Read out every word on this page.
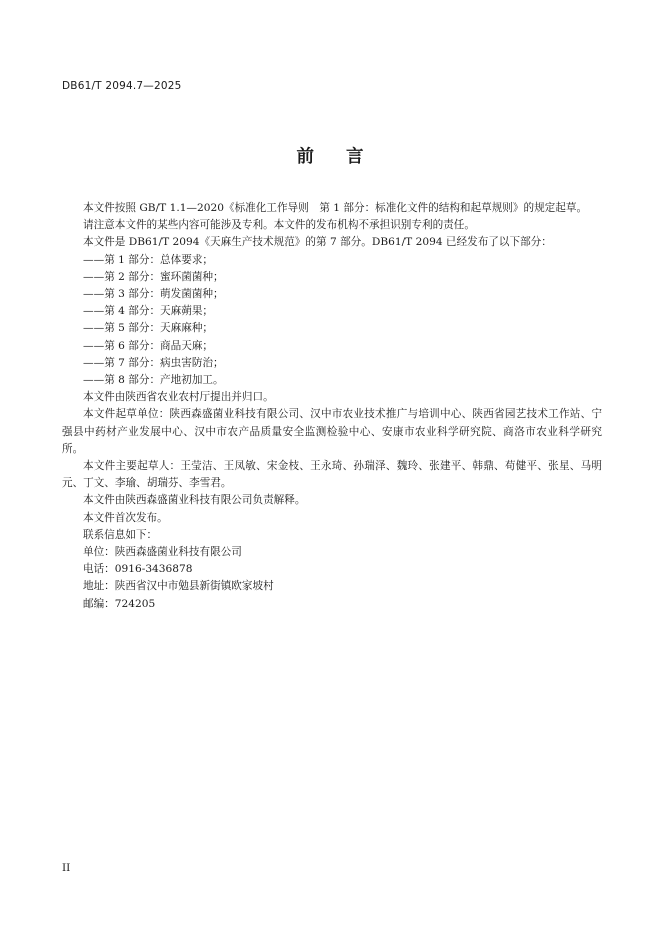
DB61/T 2094.7—2025
前 言

本文件按照 GB/T 1.1—2020《标准化工作导则　第 1 部分：标准化文件的结构和起草规则》的规定起草。

请注意本文件的某些内容可能涉及专利。本文件的发布机构不承担识别专利的责任。

本文件是 DB61/T 2094《天麻生产技术规范》的第 7 部分。DB61/T 2094 已经发布了以下部分：

——第 1 部分：总体要求；

——第 2 部分：蜜环菌菌种；

——第 3 部分：萌发菌菌种；

——第 4 部分：天麻蒴果；

——第 5 部分：天麻麻种；

——第 6 部分：商品天麻；

——第 7 部分：病虫害防治；

——第 8 部分：产地初加工。

本文件由陕西省农业农村厅提出并归口。

本文件起草单位：陕西森盛菌业科技有限公司、汉中市农业技术推广与培训中心、陕西省园艺技术工作站、宁强县中药材产业发展中心、汉中市农产品质量安全监测检验中心、安康市农业科学研究院、商洛市农业科学研究所。

本文件主要起草人：王莹洁、王凤敏、宋金枝、王永琦、孙瑞泽、魏玲、张建平、韩鼎、苟健平、张星、马明元、丁文、李瑜、胡瑞芬、李雪君。

本文件由陕西森盛菌业科技有限公司负责解释。

本文件首次发布。

联系信息如下：

单位：陕西森盛菌业科技有限公司

电话：0916-3436878

地址：陕西省汉中市勉县新街镇欧家坡村

邮编：724205

II
